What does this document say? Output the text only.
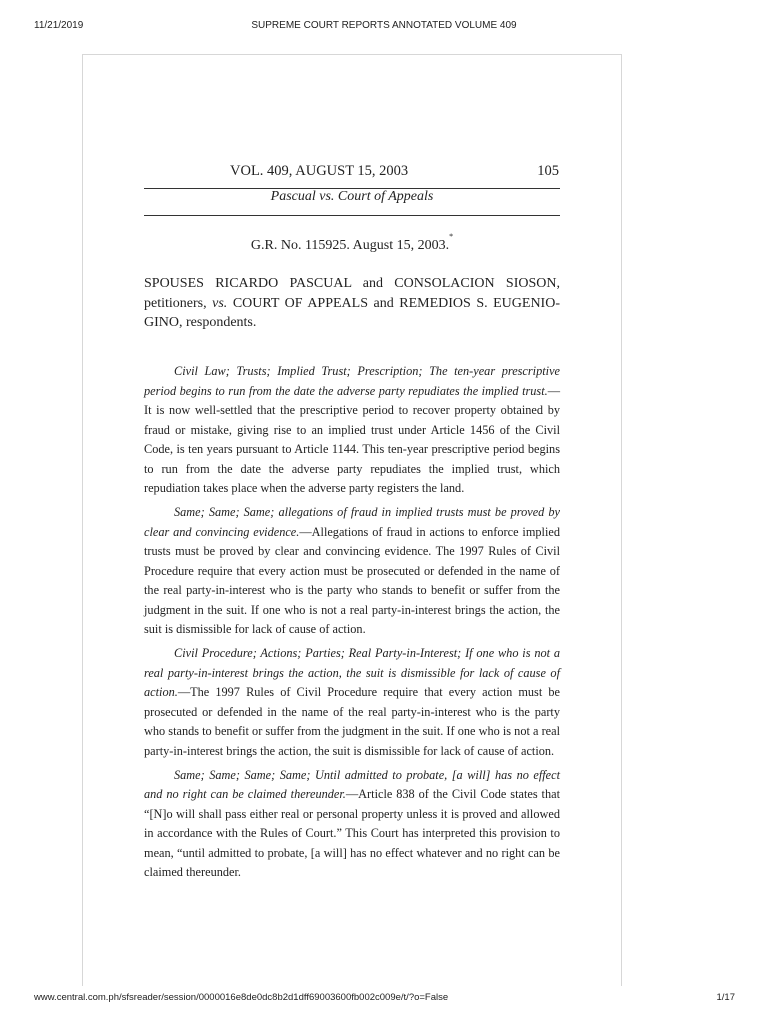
11/21/2019	SUPREME COURT REPORTS ANNOTATED VOLUME 409
VOL. 409, AUGUST 15, 2003	105
Pascual vs. Court of Appeals
G.R. No. 115925. August 15, 2003.*
SPOUSES RICARDO PASCUAL and CONSOLACION SIOSON, petitioners, vs. COURT OF APPEALS and REMEDIOS S. EUGENIO-GINO, respondents.

Civil Law; Trusts; Implied Trust; Prescription; The ten-year prescriptive period begins to run from the date the adverse party repudiates the implied trust.—It is now well-settled that the prescriptive period to recover property obtained by fraud or mistake, giving rise to an implied trust under Article 1456 of the Civil Code, is ten years pursuant to Article 1144. This ten-year prescriptive period begins to run from the date the adverse party repudiates the implied trust, which repudiation takes place when the adverse party registers the land.

Same; Same; Same; allegations of fraud in implied trusts must be proved by clear and convincing evidence.—Allegations of fraud in actions to enforce implied trusts must be proved by clear and convincing evidence. The 1997 Rules of Civil Procedure require that every action must be prosecuted or defended in the name of the real party-in-interest who is the party who stands to benefit or suffer from the judgment in the suit. If one who is not a real party-in-interest brings the action, the suit is dismissible for lack of cause of action.

Civil Procedure; Actions; Parties; Real Party-in-Interest; If one who is not a real party-in-interest brings the action, the suit is dismissible for lack of cause of action.—The 1997 Rules of Civil Procedure require that every action must be prosecuted or defended in the name of the real party-in-interest who is the party who stands to benefit or suffer from the judgment in the suit. If one who is not a real party-in-interest brings the action, the suit is dismissible for lack of cause of action.

Same; Same; Same; Same; Until admitted to probate, [a will] has no effect and no right can be claimed thereunder.—Article 838 of the Civil Code states that “[N]o will shall pass either real or personal property unless it is proved and allowed in accordance with the Rules of Court.” This Court has interpreted this provision to mean, “until admitted to probate, [a will] has no effect whatever and no right can be claimed thereunder.

www.central.com.ph/sfsreader/session/0000016e8de0dc8b2d1dff69003600fb002c009e/t/?o=False	1/17
